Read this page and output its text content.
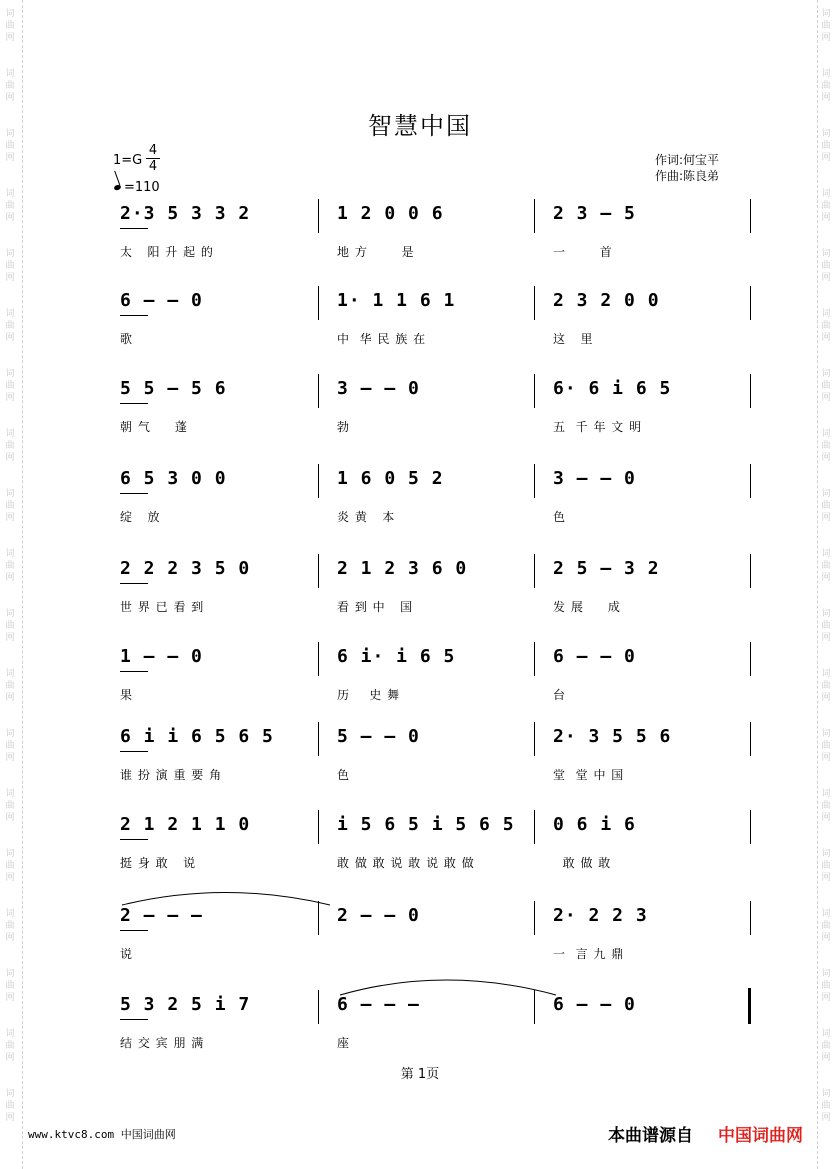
词
曲
网
词
曲
网
词
曲
网
词
曲
网
词
曲
网
词
曲
网
词
曲
网
词
曲
网
词
曲
网
词
曲
网
词
曲
网
词
曲
网
词
曲
网
词
曲
网
词
曲
网
词
曲
网
词
曲
网
词
曲
网
词
曲
网
词
曲
网
词
曲
网
词
曲
网
词
曲
网
词
曲
网
词
曲
网
词
曲
网
词
曲
网
词
曲
网
词
曲
网
词
曲
网
词
曲
网
词
曲
网
词
曲
网
词
曲
网
词
曲
网
词
曲
网
词
曲
网
词
曲
网
智慧中国
1=G
4
4
=110
作词:何宝平
作曲:陈良弟
2·3 5 3 3 2
太   阳 升 起 的
1 2 0 0 6
地 方       是
2 3 — 5
一       首
6 — — 0
歌
1· 1 1 6 1
中  华 民 族 在
2 3 2 0 0
这   里
5 5 — 5 6
朝 气     蓬
3 — — 0
勃
6· 6 i 6 5
五  千 年 文 明
6 5 3 0 0
绽   放
1 6 0 5 2
炎 黄   本
3 — — 0
色
2 2 2 3 5 0
世 界 已 看 到
2 1 2 3 6 0
看 到 中   国
2 5 — 3 2
发 展     成
1 — — 0
果
6 i· i 6 5
历    史 舞
6 — — 0
台
6 i i 6 5 6 5
谁 扮 演 重 要 角
5 — — 0
色
2· 3 5 5 6
堂  堂 中 国
2 1 2 1 1 0
挺 身 敢   说
i 5 6 5 i 5 6 5
敢 做 敢 说 敢 说 敢 做
0 6 i 6
敢 做 敢
2 — — —
说
2 — — 0	2· 2 2 3
一  言 九 鼎
5 3 2 5 i 7
结 交 宾 朋 满
6 — — —
座
6 — — 0
第 1页
www.ktvc8.com 中国词曲网	本曲谱源自 中国词曲网
